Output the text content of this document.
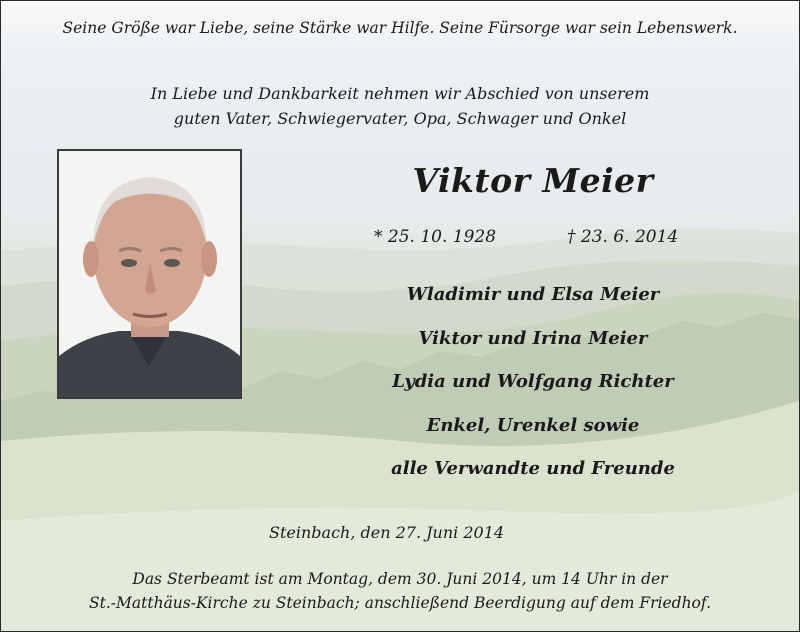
Seine Größe war Liebe, seine Stärke war Hilfe. Seine Fürsorge war sein Lebenswerk.
In Liebe und Dankbarkeit nehmen wir Abschied von unserem
guten Vater, Schwiegervater, Opa, Schwager und Onkel
Viktor Meier
* 25. 10. 1928	† 23. 6. 2014
Wladimir und Elsa Meier
Viktor und Irina Meier
Lydia und Wolfgang Richter
Enkel, Urenkel sowie
alle Verwandte und Freunde
Steinbach, den 27. Juni 2014
Das Sterbeamt ist am Montag, dem 30. Juni 2014, um 14 Uhr in der
St.-Matthäus-Kirche zu Steinbach; anschließend Beerdigung auf dem Friedhof.
